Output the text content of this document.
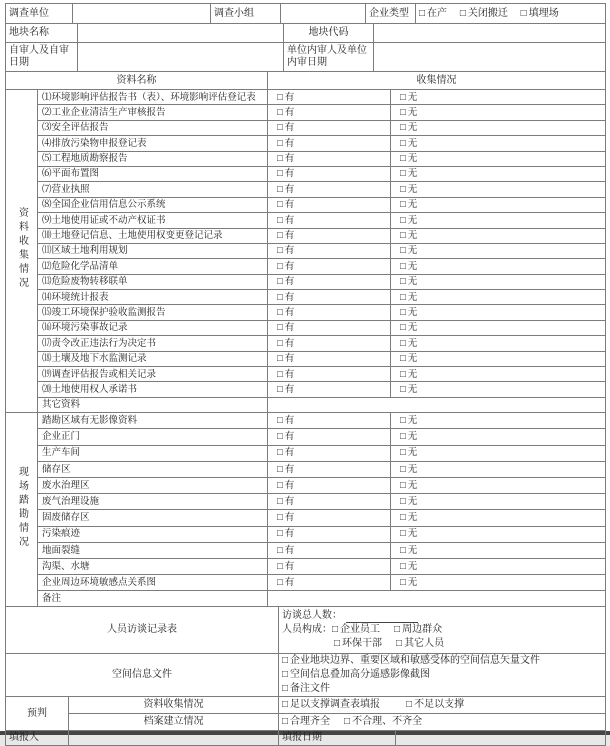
调查单位		调查小组		企业类型	□ 在产 □ 关闭搬迁 □ 填埋场
地块名称		地块代码	
自审人及自审日期		单位内审人及单位内审日期	
资料名称	收集情况
资料收集情况	⑴环境影响评估报告书（表）、环境影响评估登记表	□ 有	□ 无
	⑵工业企业清洁生产审核报告	□ 有	□ 无
	⑶安全评估报告	□ 有	□ 无
	⑷排放污染物申报登记表	□ 有	□ 无
	⑸工程地质勘察报告	□ 有	□ 无
	⑹平面布置图	□ 有	□ 无
	⑺营业执照	□ 有	□ 无
	⑻全国企业信用信息公示系统	□ 有	□ 无
	⑼土地使用证或不动产权证书	□ 有	□ 无
	⑽土地登记信息、土地使用权变更登记记录	□ 有	□ 无
	⑾区域土地利用规划	□ 有	□ 无
	⑿危险化学品清单	□ 有	□ 无
	⒀危险废物转移联单	□ 有	□ 无
	⒁环境统计报表	□ 有	□ 无
	⒂竣工环境保护验收监测报告	□ 有	□ 无
	⒃环境污染事故记录	□ 有	□ 无
	⒄责令改正违法行为决定书	□ 有	□ 无
	⒅土壤及地下水监测记录	□ 有	□ 无
	⒆调查评估报告或相关记录	□ 有	□ 无
	⒇土地使用权人承诺书	□ 有	□ 无
	其它资料		
现场踏勘情况	踏勘区域有无影像资料	□ 有	□ 无
	企业正门	□ 有	□ 无
	生产车间	□ 有	□ 无
	储存区	□ 有	□ 无
	废水治理区	□ 有	□ 无
	废气治理设施	□ 有	□ 无
	固废储存区	□ 有	□ 无
	污染痕迹	□ 有	□ 无
	地面裂缝	□ 有	□ 无
	沟渠、水塘	□ 有	□ 无
	企业周边环境敏感点关系图	□ 有	□ 无
	备注		
人员访谈记录表		访谈总人数：
人员构成：□ 企业员工 □ 周边群众
□ 环保干部 □ 其它人员	

空间信息文件		□ 企业地块边界、重要区域和敏感受体的空间信息矢量文件
□ 空间信息叠加高分遥感影像截图
□ 备注文件	

预判	资料收集情况	□ 足以支撑调查表填报 □ 不足以支撑	
	档案建立情况	□ 合理齐全 □ 不合理、不齐全	
填报人		填报日期	
